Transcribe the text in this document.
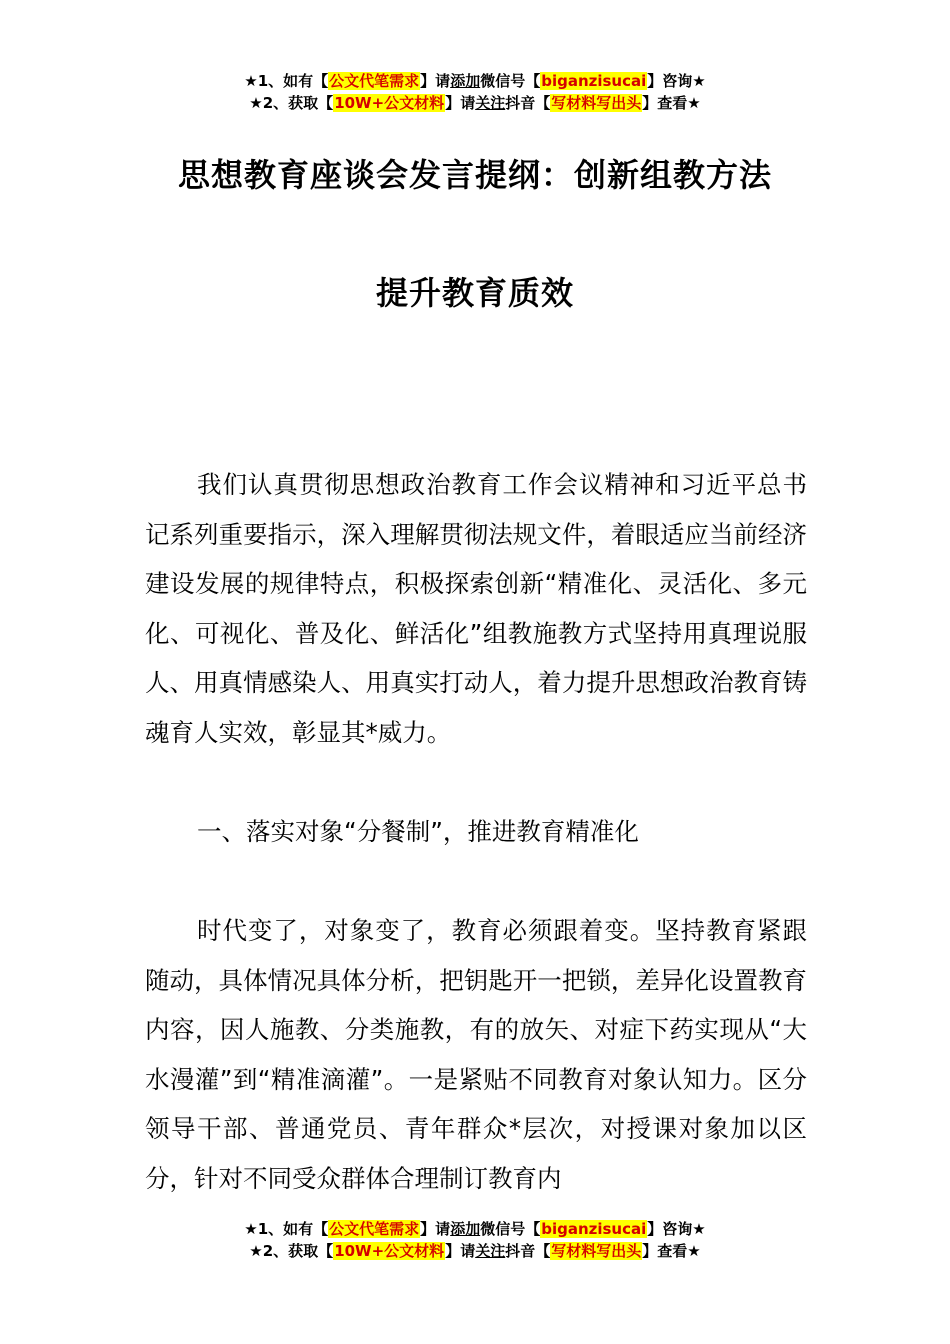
★1、如有【公文代笔需求】请添加微信号【biganzisucai】咨询★
★2、获取【10W+公文材料】请关注抖音【写材料写出头】查看★
思想教育座谈会发言提纲：创新组教方法
提升教育质效

我们认真贯彻思想政治教育工作会议精神和习近平总书记系列重要指示，深入理解贯彻法规文件，着眼适应当前经济建设发展的规律特点，积极探索创新“精准化、灵活化、多元化、可视化、普及化、鲜活化”组教施教方式坚持用真理说服人、用真情感染人、用真实打动人，着力提升思想政治教育铸魂育人实效，彰显其*威力。

一、落实对象“分餐制”，推进教育精准化

时代变了，对象变了，教育必须跟着变。坚持教育紧跟随动，具体情况具体分析，把钥匙开一把锁，差异化设置教育内容，因人施教、分类施教，有的放矢、对症下药实现从“大水漫灌”到“精准滴灌”。一是紧贴不同教育对象认知力。区分领导干部、普通党员、青年群众*层次，对授课对象加以区分，针对不同受众群体合理制订教育内

★1、如有【公文代笔需求】请添加微信号【biganzisucai】咨询★
★2、获取【10W+公文材料】请关注抖音【写材料写出头】查看★
